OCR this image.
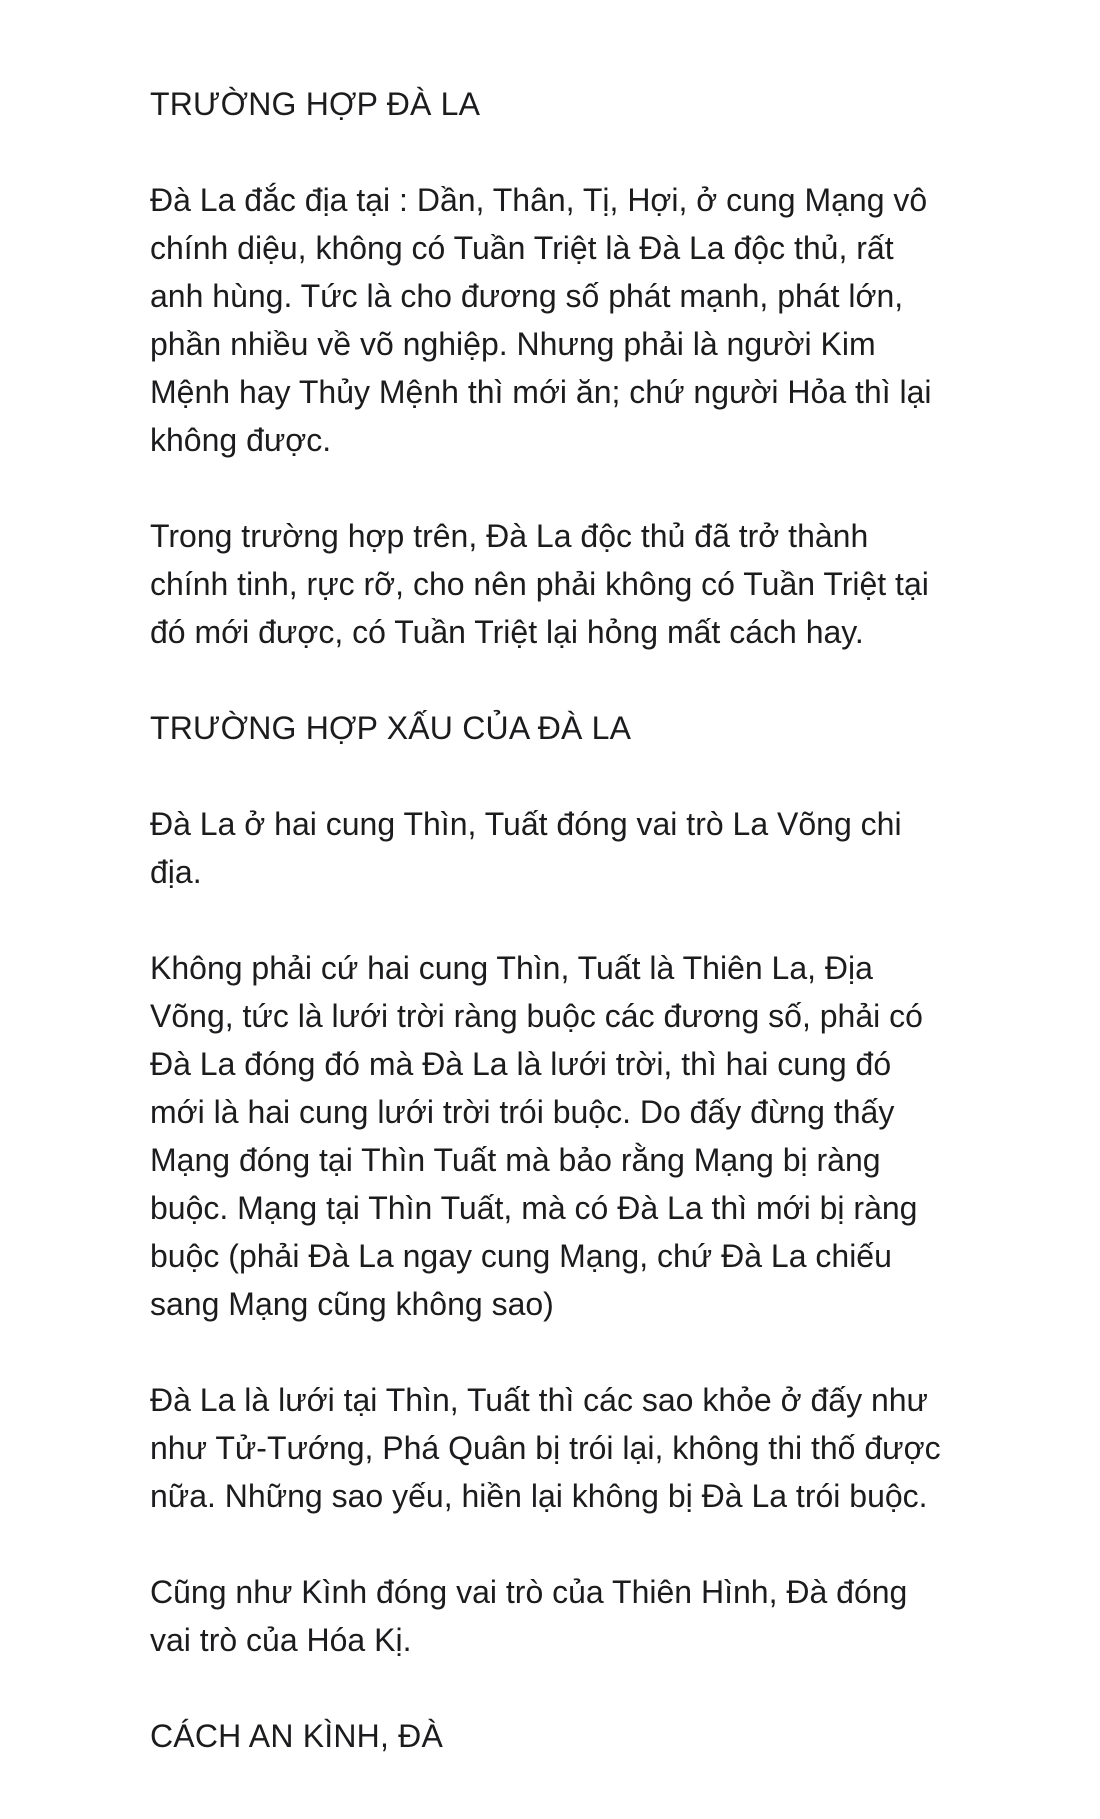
TRƯỜNG HỢP ĐÀ LA
Đà La đắc địa tại : Dần, Thân, Tị, Hợi, ở cung Mạng vô
chính diệu, không có Tuần Triệt là Đà La độc thủ, rất
anh hùng. Tức là cho đương số phát mạnh, phát lớn,
phần nhiều về võ nghiệp. Nhưng phải là người Kim
Mệnh hay Thủy Mệnh thì mới ăn; chứ người Hỏa thì lại
không được.
Trong trường hợp trên, Đà La độc thủ đã trở thành
chính tinh, rực rỡ, cho nên phải không có Tuần Triệt tại
đó mới được, có Tuần Triệt lại hỏng mất cách hay.
TRƯỜNG HỢP XẤU CỦA ĐÀ LA
Đà La ở hai cung Thìn, Tuất đóng vai trò La Võng chi
địa.
Không phải cứ hai cung Thìn, Tuất là Thiên La, Địa
Võng, tức là lưới trời ràng buộc các đương số, phải có
Đà La đóng đó mà Đà La là lưới trời, thì hai cung đó
mới là hai cung lưới trời trói buộc. Do đấy đừng thấy
Mạng đóng tại Thìn Tuất mà bảo rằng Mạng bị ràng
buộc. Mạng tại Thìn Tuất, mà có Đà La thì mới bị ràng
buộc (phải Đà La ngay cung Mạng, chứ Đà La chiếu
sang Mạng cũng không sao)
Đà La là lưới tại Thìn, Tuất thì các sao khỏe ở đấy như
như Tử-Tướng, Phá Quân bị trói lại, không thi thố được
nữa. Những sao yếu, hiền lại không bị Đà La trói buộc.
Cũng như Kình đóng vai trò của Thiên Hình, Đà đóng
vai trò của Hóa Kị.
CÁCH AN KÌNH, ĐÀ
